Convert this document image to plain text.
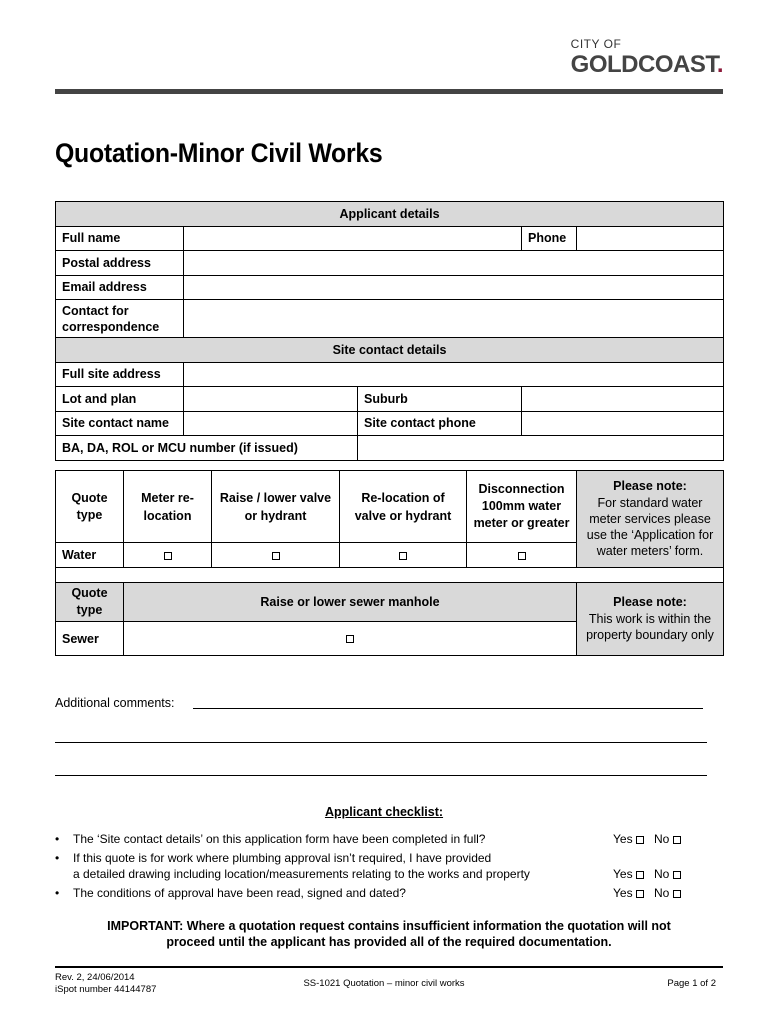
CITY OF
GOLDCOAST.
Quotation-Minor Civil Works
Applicant details				
Full name			Phone	
Postal address				
Email address				
Contact for
correspondence				
Site contact details				
Full site address				
Lot and plan		Suburb		
Site contact name		Site contact phone		
BA, DA, ROL or MCU number (if issued)				
Quote type	Meter re-location	Raise / lower valve or hydrant	Re-location of valve or hydrant	Disconnection 100mm water meter or greater	Please note:
For standard water meter services please use the ‘Application for water meters’ form.

Water					

Quote type	Raise or lower sewer manhole				Please note:
This work is within the property boundary only

Sewer					
Additional comments:
Applicant checklist:
• The ‘Site contact details’ on this application form have been completed in full?	Yes No
• If this quote is for work where plumbing approval isn’t required, I have provided
a detailed drawing including location/measurements relating to the works and property	Yes No
• The conditions of approval have been read, signed and dated?	Yes No
IMPORTANT: Where a quotation request contains insufficient information the quotation will not
proceed until the applicant has provided all of the required documentation.
Rev. 2, 24/06/2014
iSpot number 44144787
SS-1021 Quotation – minor civil works	Page 1 of 2
